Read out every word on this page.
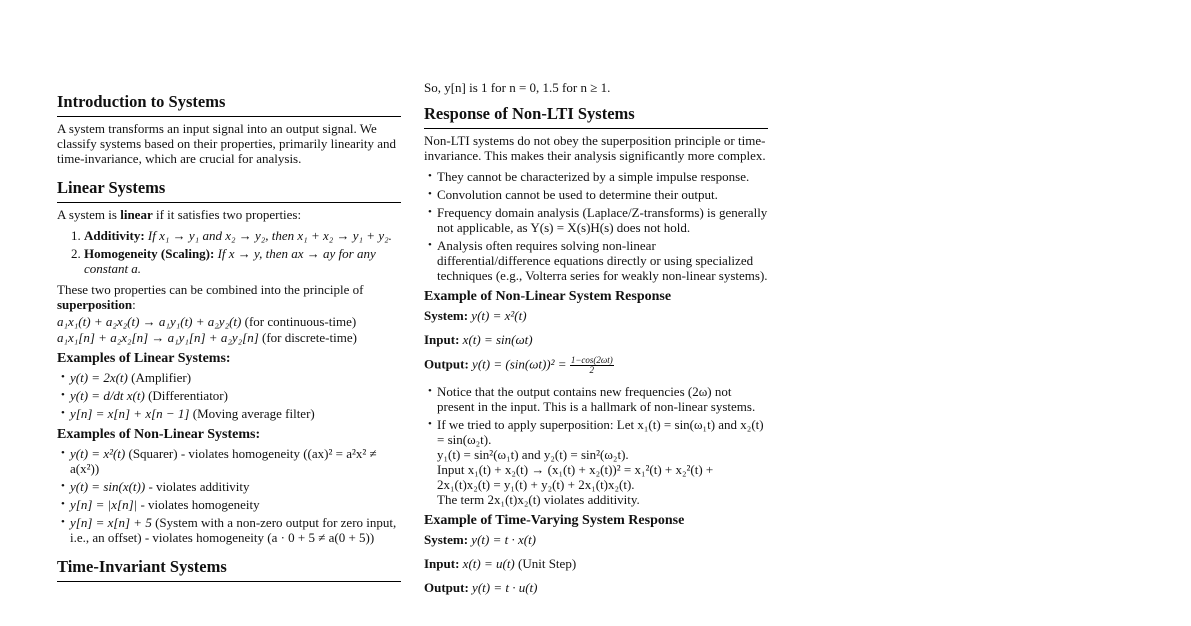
Introduction to Systems

A system transforms an input signal into an output signal. We classify systems based on their properties, primarily linearity and time-invariance, which are crucial for analysis.

Linear Systems

A system is linear if it satisfies two properties:

1. Additivity: If x₁ → y₁ and x₂ → y₂, then x₁ + x₂ → y₁ + y₂.
2. Homogeneity (Scaling): If x → y, then ax → ay for any constant a.

These two properties can be combined into the principle of superposition:

a₁x₁(t) + a₂x₂(t) → a₁y₁(t) + a₂y₂(t) (for continuous-time)
a₁x₁[n] + a₂x₂[n] → a₁y₁[n] + a₂y₂[n] (for discrete-time)
Examples of Linear Systems:
• y(t) = 2x(t) (Amplifier)
• y(t) = d/dt x(t) (Differentiator)
• y[n] = x[n] + x[n − 1] (Moving average filter)
Examples of Non-Linear Systems:
• y(t) = x²(t) (Squarer) - violates homogeneity ((ax)² = a²x² ≠ a(x²))
• y(t) = sin(x(t)) - violates additivity
• y[n] = |x[n]| - violates homogeneity
• y[n] = x[n] + 5 (System with a non-zero output for zero input, i.e., an offset) - violates homogeneity (a · 0 + 5 ≠ a(0 + 5))
Time-Invariant Systems

So, y[n] is 1 for n = 0, 1.5 for n ≥ 1.

Response of Non-LTI Systems

Non-LTI systems do not obey the superposition principle or time-invariance. This makes their analysis significantly more complex.

• They cannot be characterized by a simple impulse response.
• Convolution cannot be used to determine their output.
• Frequency domain analysis (Laplace/Z-transforms) is generally not applicable, as Y(s) = X(s)H(s) does not hold.
• Analysis often requires solving non-linear differential/difference equations directly or using specialized techniques (e.g., Volterra series for weakly non-linear systems).
Example of Non-Linear System Response
System: y(t) = x²(t)
Input: x(t) = sin(ωt)
Output: $y(t) = (\sin(\omega t))^2 = \frac{1-\cos(2\omega t)}{2}$
• Notice that the output contains new frequencies (2ω) not present in the input. This is a hallmark of non-linear systems.
• If we tried to apply superposition: Let x₁(t) = sin(ω₁t) and x₂(t) = sin(ω₂t).
y₁(t) = sin²(ω₁t) and y₂(t) = sin²(ω₂t).
Input x₁(t) + x₂(t) → (x₁(t) + x₂(t))² = x₁²(t) + x₂²(t) + 2x₁(t)x₂(t) = y₁(t) + y₂(t) + 2x₁(t)x₂(t).
The term 2x₁(t)x₂(t) violates additivity.
Example of Time-Varying System Response
System: y(t) = t · x(t)
Input: x(t) = u(t) (Unit Step)
Output: y(t) = t · u(t)
